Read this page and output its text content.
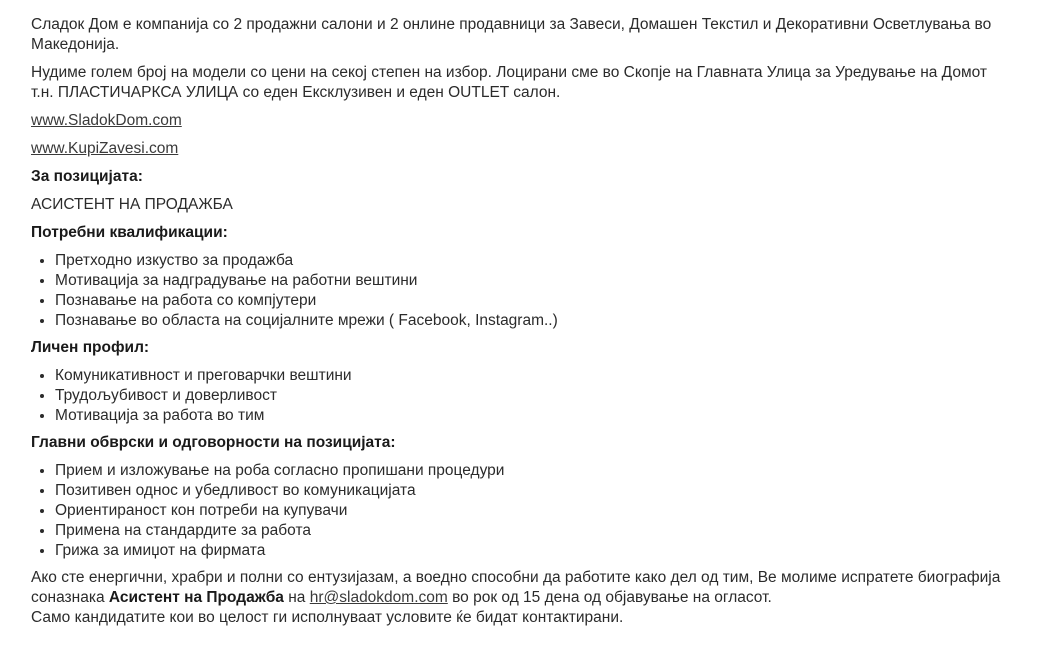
Сладок Дом е компанија со 2 продажни салони и 2 онлине продавници за Завеси, Домашен Текстил и Декоративни Осветлувања во Македонија.

Нудиме голем број на модели со цени на секој степен на избор. Лоцирани сме во Скопје на Главната Улица за Уредување на Домот т.н. ПЛАСТИЧАРКСА УЛИЦА со еден Ексклузивен и еден OUTLET салон.

www.SladokDom.com

www.KupiZavesi.com

За позицијата:

АСИСТЕНТ НА ПРОДАЖБА

Потребни квалификации:

• Претходно изкуство за продажба
• Мотивација за надградување на работни вештини
• Познавање на работа со компјутери
• Познавање во областа на социјалните мрежи ( Facebook, Instagram..)

Личен профил:

• Комуникативност и преговарчки вештини
• Трудољубивост и доверливост
• Мотивација за работа во тим

Главни обврски и одговорности на позицијата:

• Прием и изложување на роба согласно пропишани процедури
• Позитивен однос и убедливост во комуникацијата
• Ориентираност кон потреби на купувачи
• Примена на стандардите за работа
• Грижа за имиџот на фирмата

Ако сте енергични, храбри и полни со ентузијазам, а воедно способни да работите како дел од тим, Ве молиме испратете биографија соназнака Асистент на Продажба на hr@sladokdom.com во рок од 15 дена од објавување на огласот.

Само кандидатите кои во целост ги исполнуваат условите ќе бидат контактирани.
